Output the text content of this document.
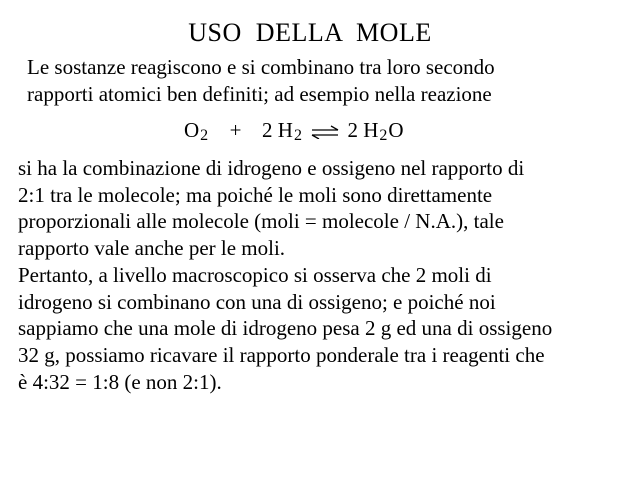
USO  DELLA  MOLE
Le sostanze reagiscono e si combinano tra loro secondo
rapporti atomici ben definiti; ad esempio nella reazione
O2 + 2 H2 ⇌ 2 H2O
si ha la combinazione di idrogeno e ossigeno nel rapporto di
2:1 tra le molecole; ma poiché le moli sono direttamente
proporzionali alle molecole (moli = molecole / N.A.), tale
rapporto vale anche per le moli.
Pertanto, a livello macroscopico si osserva che 2 moli di
idrogeno si combinano con una di ossigeno; e poiché noi
sappiamo che una mole di idrogeno pesa 2 g ed una di ossigeno
32 g, possiamo ricavare il rapporto ponderale tra i reagenti che
è 4:32 = 1:8 (e non 2:1).
